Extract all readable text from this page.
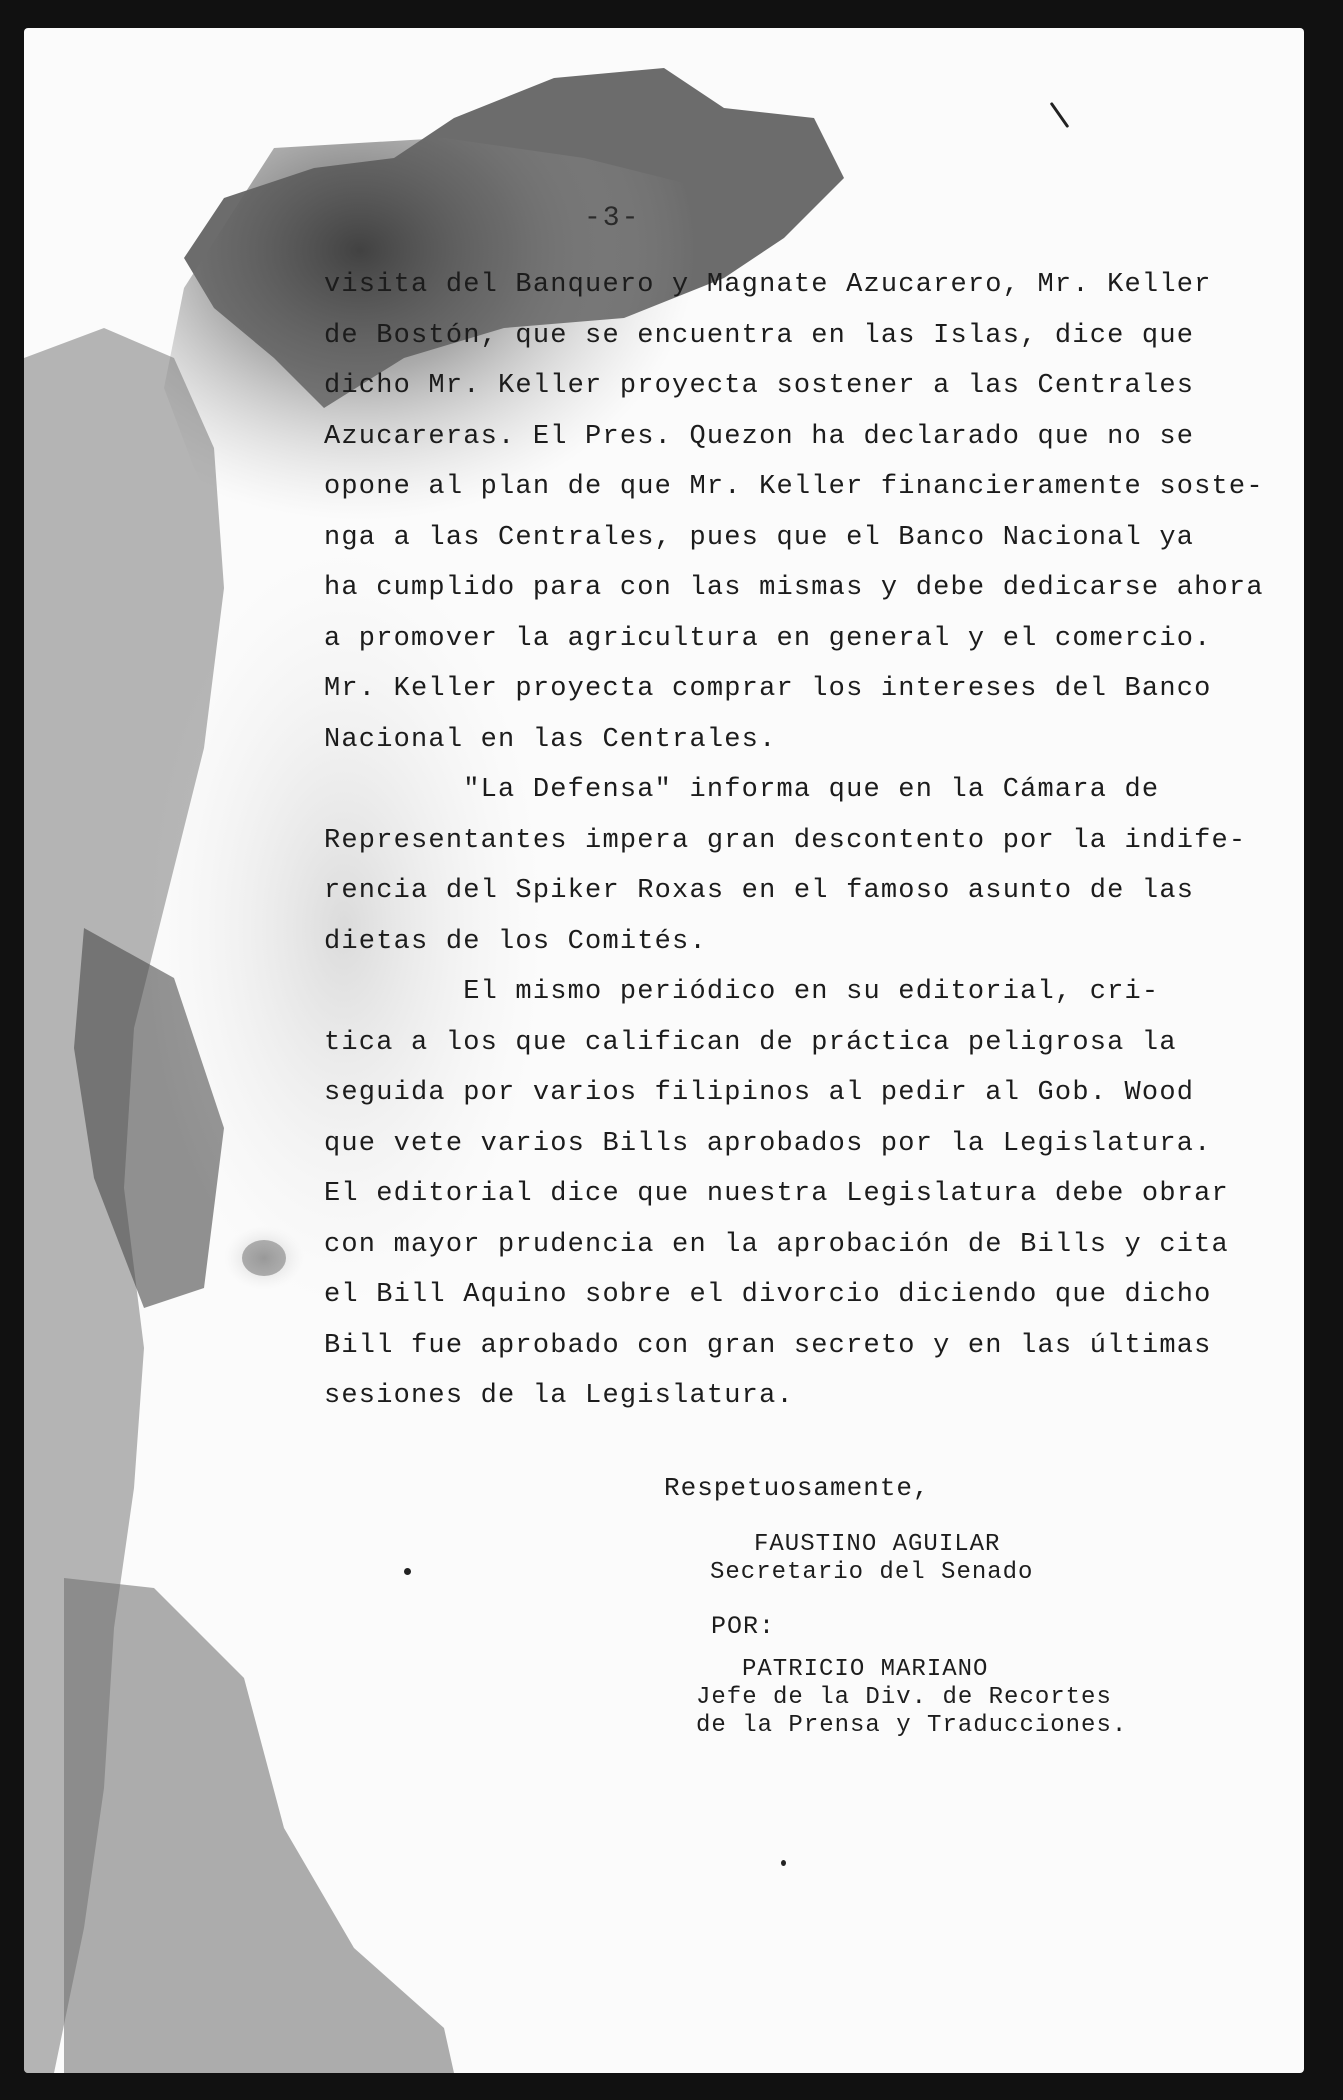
-3-
visita del Banquero y Magnate Azucarero, Mr. Keller
de Bostón, que se encuentra en las Islas, dice que
dicho Mr. Keller proyecta sostener a las Centrales
Azucareras. El Pres. Quezon ha declarado que no se
opone al plan de que Mr. Keller financieramente soste-
nga a las Centrales, pues que el Banco Nacional ya
ha cumplido para con las mismas y debe dedicarse ahora
a promover la agricultura en general y el comercio.
Mr. Keller proyecta comprar los intereses del Banco
Nacional en las Centrales.
"La Defensa" informa que en la Cámara de
Representantes impera gran descontento por la indife-
rencia del Spiker Roxas en el famoso asunto de las
dietas de los Comités.
El mismo periódico en su editorial, cri-
tica a los que califican de práctica peligrosa la
seguida por varios filipinos al pedir al Gob. Wood
que vete varios Bills aprobados por la Legislatura.
El editorial dice que nuestra Legislatura debe obrar
con mayor prudencia en la aprobación de Bills y cita
el Bill Aquino sobre el divorcio diciendo que dicho
Bill fue aprobado con gran secreto y en las últimas
sesiones de la Legislatura.
Respetuosamente,
FAUSTINO AGUILAR
Secretario del Senado
POR:
PATRICIO MARIANO
Jefe de la Div. de Recortes
de la Prensa y Traducciones.
